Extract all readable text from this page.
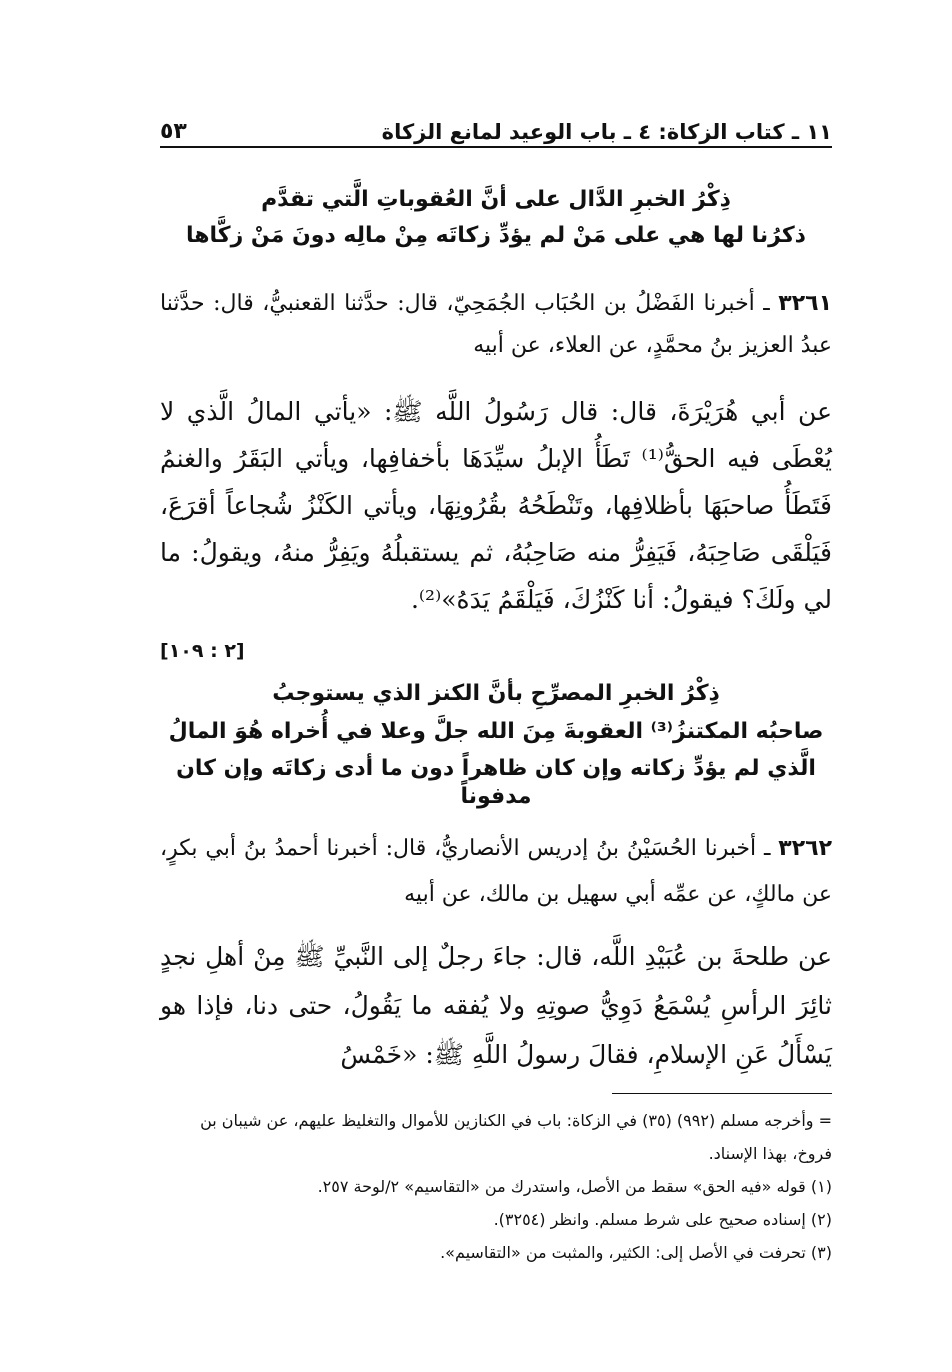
٥٣	١١ ـ كتاب الزكاة: ٤ ـ باب الوعيد لمانع الزكاة
ذِكْرُ الخبرِ الدَّال على أنَّ العُقوباتِ الَّتي تقدَّم
ذكرُنا لها هي على مَنْ لم يؤدِّ زكاتَه مِنْ مالِه دونَ مَنْ زكَّاها
٣٢٦١ ـ أخبرنا الفَضْلُ بن الحُبَاب الجُمَحِيّ، قال: حدَّثنا القعنبيُّ، قال: حدَّثنا عبدُ العزيز بنُ محمَّدٍ، عن العلاء، عن أبيه
عن أبي هُرَيْرَةَ، قال: قال رَسُولُ اللَّه ﷺ: «يأتي المالُ الَّذي لا يُعْطَى فيه الحقُّ⁽¹⁾ تَطَأُ الإبلُ سيِّدَهَا بأخفافِها، ويأتي البَقَرُ والغنمُ فَتَطَأُ صاحبَهَا بأظلافِها، وتَنْطَحُهُ بقُرُونِهَا، ويأتي الكَنْزُ شُجاعاً أقرَعَ، فَيَلْقَى صَاحِبَهُ، فَيَفِرُّ منه صَاحِبُهُ، ثم يستقبلُهُ ويَفِرُّ منهُ، ويقولُ: ما لي ولَكَ؟ فيقولُ: أنا كَنْزُكَ، فَيَلْقَمُ يَدَهُ»⁽²⁾.
[٢ : ١٠٩]
ذِكْرُ الخبرِ المصرِّحِ بأنَّ الكنز الذي يستوجبُ
صاحبُه المكتنزُ⁽³⁾ العقوبةَ مِنَ الله جلَّ وعلا في أُخراه هُوَ المالُ
الَّذي لم يؤدِّ زكاته وإن كان ظاهراً دون ما أدى زكاتَه وإن كان مدفوناً
٣٢٦٢ ـ أخبرنا الحُسَيْنُ بنُ إدريس الأنصاريُّ، قال: أخبرنا أحمدُ بنُ أبي بكرٍ، عن مالكٍ، عن عمِّه أبي سهيل بن مالك، عن أبيه
عن طلحةَ بن عُبَيْدِ اللَّه، قال: جاءَ رجلٌ إلى النَّبيِّ ﷺ مِنْ أهلِ نجدٍ ثائِرَ الرأسِ يُسْمَعُ دَوِيُّ صوتِهِ ولا يُفقه ما يَقُولُ، حتى دنا، فإذا هو يَسْأَلُ عَنِ الإسلامِ، فقالَ رسولُ اللَّهِ ﷺ: «خَمْسُ

= وأخرجه مسلم (٩٩٢) (٣٥) في الزكاة: باب في الكنازين للأموال والتغليظ عليهم، عن شيبان بن فروخ، بهذا الإسناد.

(١) قوله «فيه الحق» سقط من الأصل، واستدرك من «التقاسيم» ٢/لوحة ٢٥٧.

(٢) إسناده صحيح على شرط مسلم. وانظر (٣٢٥٤).

(٣) تحرفت في الأصل إلى: الكثير، والمثبت من «التقاسيم».
